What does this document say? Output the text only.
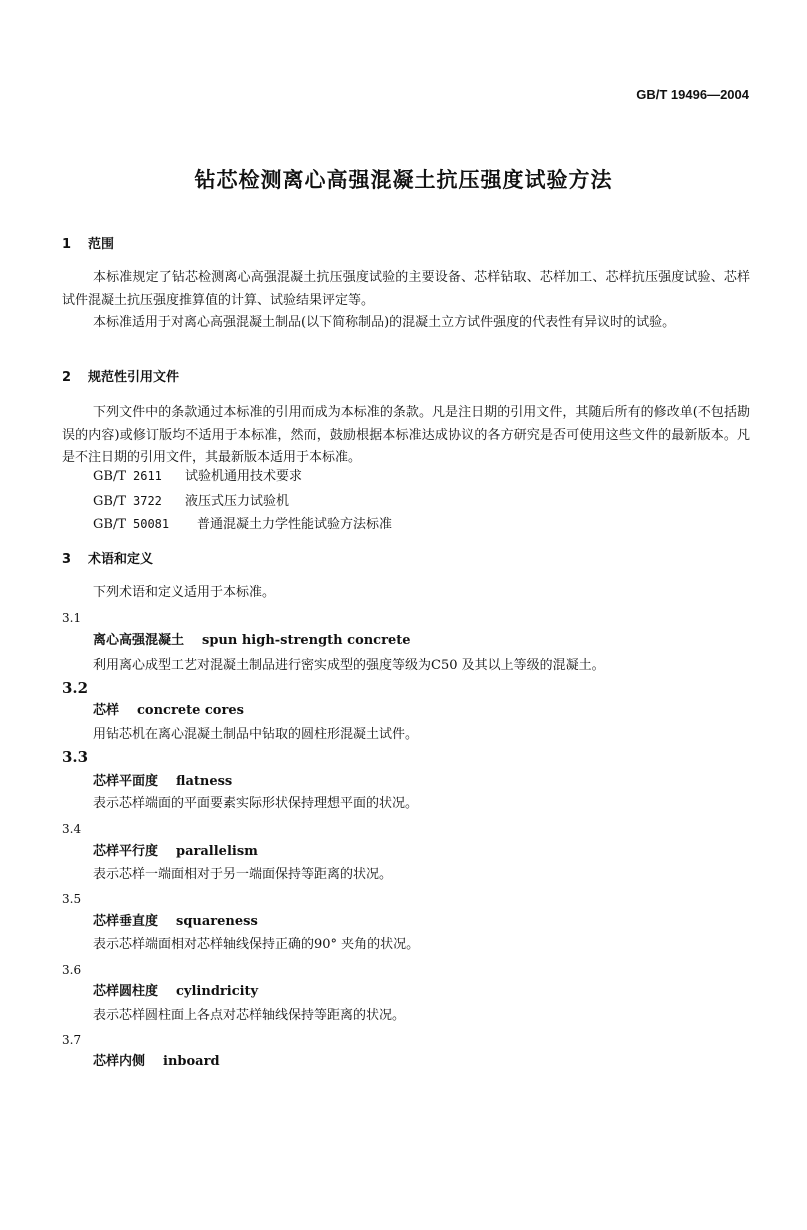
GB/T 19496—2004
钻芯检测离心高强混凝土抗压强度试验方法
1 范围
本标准规定了钻芯检测离心高强混凝土抗压强度试验的主要设备、芯样钻取、芯样加工、芯样抗压强度试验、芯样试件混凝土抗压强度推算值的计算、试验结果评定等。
本标准适用于对离心高强混凝土制品(以下简称制品)的混凝土立方试件强度的代表性有异议时的试验。
2 规范性引用文件
下列文件中的条款通过本标准的引用而成为本标准的条款。凡是注日期的引用文件，其随后所有的修改单(不包括勘误的内容)或修订版均不适用于本标准，然而，鼓励根据本标准达成协议的各方研究是否可使用这些文件的最新版本。凡是不注日期的引用文件，其最新版本适用于本标准。
GB/T 2611 试验机通用技术要求
GB/T 3722 液压式压力试验机
GB/T 50081 普通混凝土力学性能试验方法标准
3 术语和定义
下列术语和定义适用于本标准。
3.1
离心高强混凝土 spun high-strength concrete
利用离心成型工艺对混凝土制品进行密实成型的强度等级为C50 及其以上等级的混凝土。
3.2
芯样 concrete cores
用钻芯机在离心混凝土制品中钻取的圆柱形混凝土试件。
3.3
芯样平面度 flatness
表示芯样端面的平面要素实际形状保持理想平面的状况。
3.4
芯样平行度 parallelism
表示芯样一端面相对于另一端面保持等距离的状况。
3.5
芯样垂直度 squareness
表示芯样端面相对芯样轴线保持正确的90° 夹角的状况。
3.6
芯样圆柱度 cylindricity
表示芯样圆柱面上各点对芯样轴线保持等距离的状况。
3.7
芯样内侧 inboard
